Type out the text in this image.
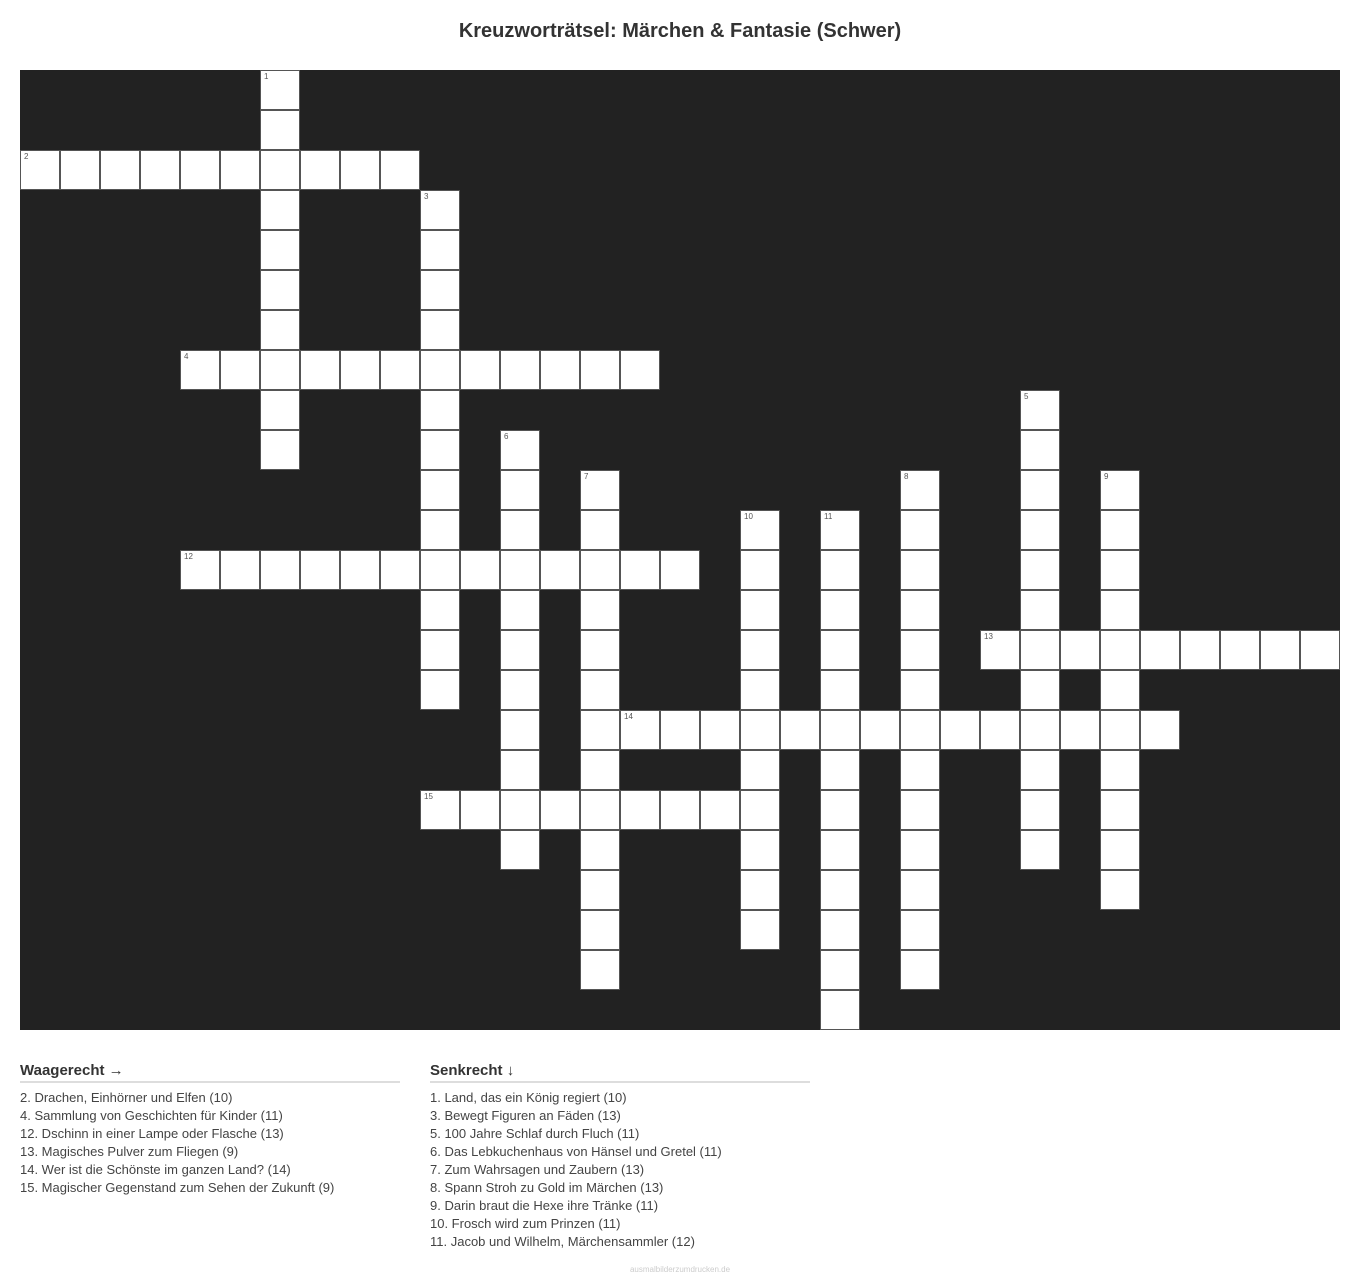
Kreuzworträtsel: Märchen & Fantasie (Schwer)
1
2
3
4
5
6
7	8	9
10	11
12
13
14
15
Waagerecht →
2. Drachen, Einhörner und Elfen (10)
4. Sammlung von Geschichten für Kinder (11)
12. Dschinn in einer Lampe oder Flasche (13)
13. Magisches Pulver zum Fliegen (9)
14. Wer ist die Schönste im ganzen Land? (14)
15. Magischer Gegenstand zum Sehen der Zukunft (9)
Senkrecht ↓
1. Land, das ein König regiert (10)
3. Bewegt Figuren an Fäden (13)
5. 100 Jahre Schlaf durch Fluch (11)
6. Das Lebkuchenhaus von Hänsel und Gretel (11)
7. Zum Wahrsagen und Zaubern (13)
8. Spann Stroh zu Gold im Märchen (13)
9. Darin braut die Hexe ihre Tränke (11)
10. Frosch wird zum Prinzen (11)
11. Jacob und Wilhelm, Märchensammler (12)
ausmalbilderzumdrucken.de
